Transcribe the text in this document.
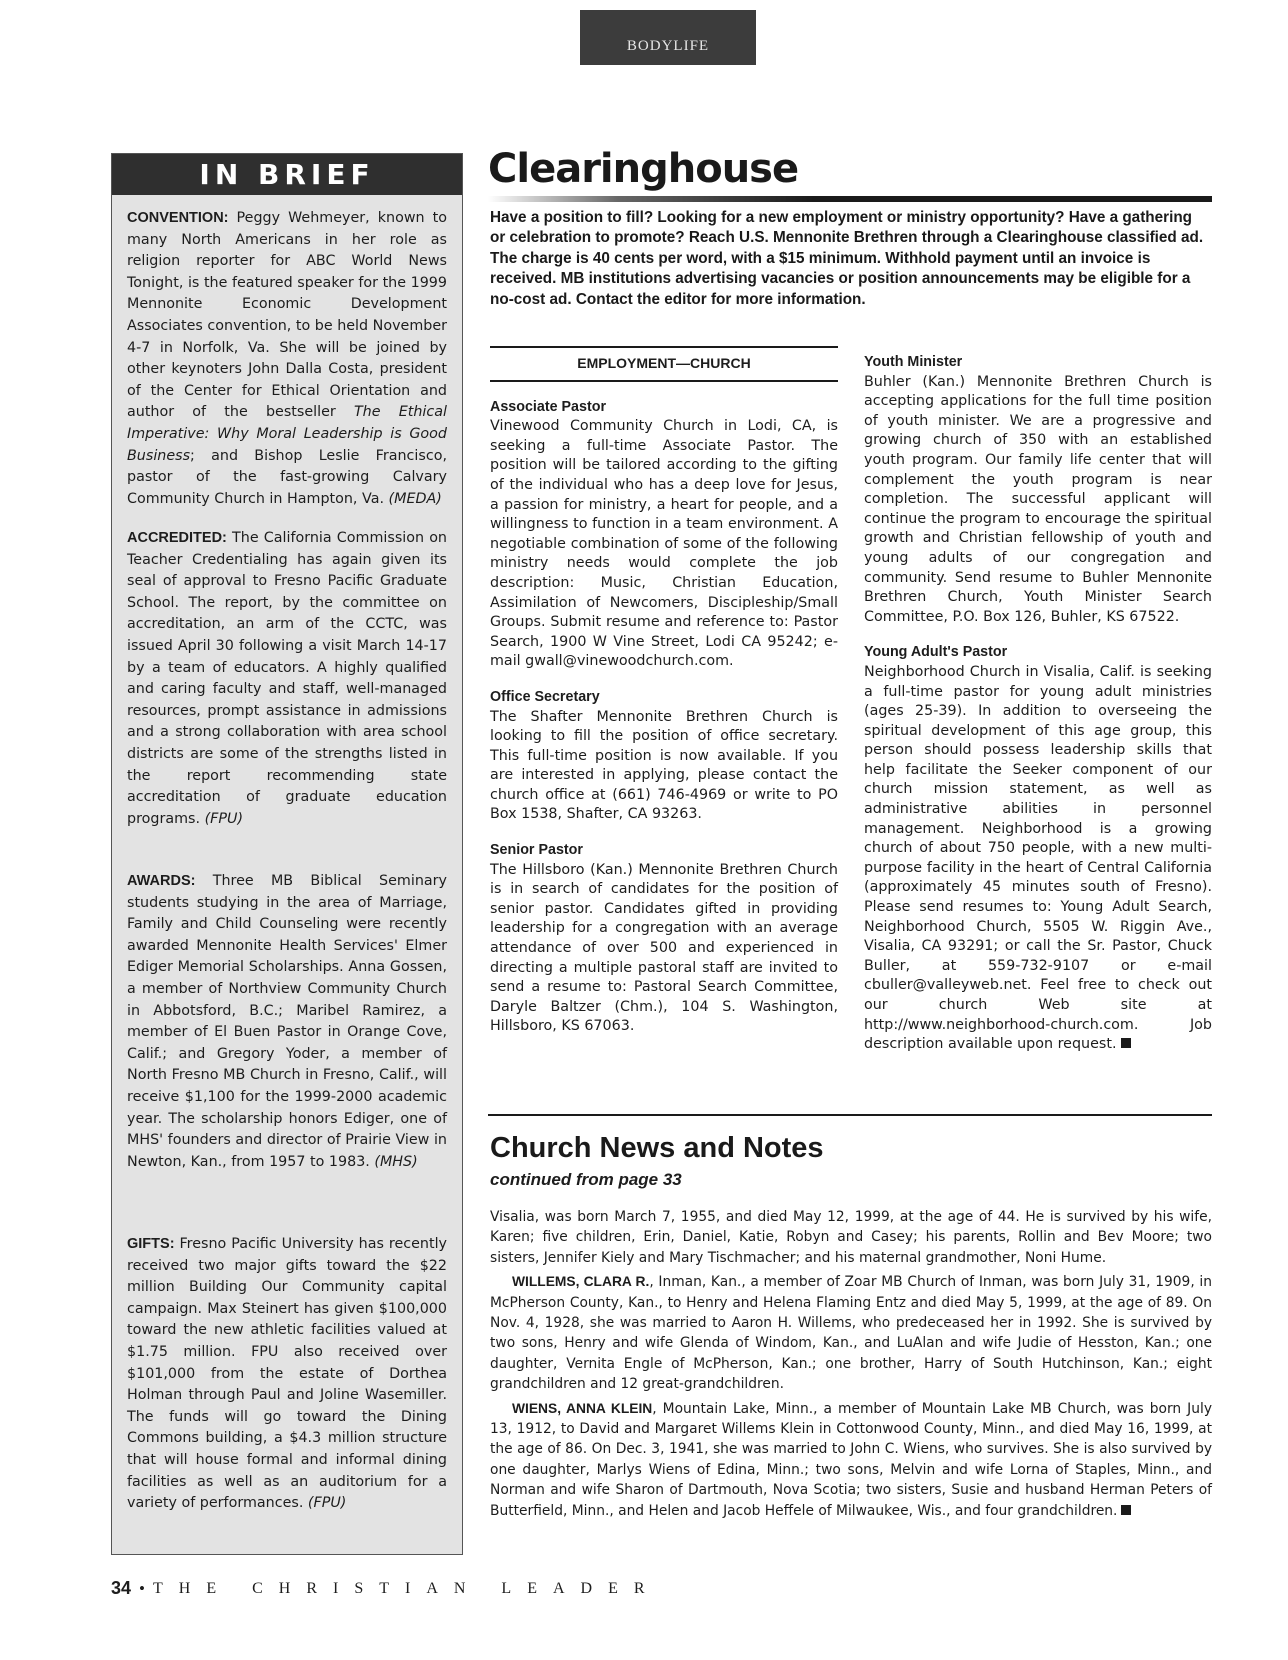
BODYLIFE
IN BRIEF
CONVENTION: Peggy Wehmeyer, known to many North Americans in her role as religion reporter for ABC World News Tonight, is the featured speaker for the 1999 Mennonite Economic Development Associates convention, to be held November 4-7 in Norfolk, Va. She will be joined by other keynoters John Dalla Costa, president of the Center for Ethical Orientation and author of the bestseller The Ethical Imperative: Why Moral Leadership is Good Business; and Bishop Leslie Francisco, pastor of the fast-growing Calvary Community Church in Hampton, Va. (MEDA)
ACCREDITED: The California Commission on Teacher Credentialing has again given its seal of approval to Fresno Pacific Graduate School. The report, by the committee on accreditation, an arm of the CCTC, was issued April 30 following a visit March 14-17 by a team of educators. A highly qualified and caring faculty and staff, well-managed resources, prompt assistance in admissions and a strong collaboration with area school districts are some of the strengths listed in the report recommending state accreditation of graduate education programs. (FPU)
AWARDS: Three MB Biblical Seminary students studying in the area of Marriage, Family and Child Counseling were recently awarded Mennonite Health Services' Elmer Ediger Memorial Scholarships. Anna Gossen, a member of Northview Community Church in Abbotsford, B.C.; Maribel Ramirez, a member of El Buen Pastor in Orange Cove, Calif.; and Gregory Yoder, a member of North Fresno MB Church in Fresno, Calif., will receive $1,100 for the 1999-2000 academic year. The scholarship honors Ediger, one of MHS' founders and director of Prairie View in Newton, Kan., from 1957 to 1983. (MHS)
GIFTS: Fresno Pacific University has recently received two major gifts toward the $22 million Building Our Community capital campaign. Max Steinert has given $100,000 toward the new athletic facilities valued at $1.75 million. FPU also received over $101,000 from the estate of Dorthea Holman through Paul and Joline Wasemiller. The funds will go toward the Dining Commons building, a $4.3 million structure that will house formal and informal dining facilities as well as an auditorium for a variety of performances. (FPU)
Clearinghouse
Have a position to fill? Looking for a new employment or ministry opportunity? Have a gathering or celebration to promote? Reach U.S. Mennonite Brethren through a Clearinghouse classified ad. The charge is 40 cents per word, with a $15 minimum. Withhold payment until an invoice is received. MB institutions advertising vacancies or position announcements may be eligible for a no-cost ad. Contact the editor for more information.
EMPLOYMENT—CHURCH
Associate Pastor
Vinewood Community Church in Lodi, CA, is seeking a full-time Associate Pastor. The position will be tailored according to the gifting of the individual who has a deep love for Jesus, a passion for ministry, a heart for people, and a willingness to function in a team environment. A negotiable combination of some of the following ministry needs would complete the job description: Music, Christian Education, Assimilation of Newcomers, Discipleship/Small Groups. Submit resume and reference to: Pastor Search, 1900 W Vine Street, Lodi CA 95242; e-mail gwall@vinewoodchurch.com.
Office Secretary
The Shafter Mennonite Brethren Church is looking to fill the position of office secretary. This full-time position is now available. If you are interested in applying, please contact the church office at (661) 746-4969 or write to PO Box 1538, Shafter, CA 93263.
Senior Pastor
The Hillsboro (Kan.) Mennonite Brethren Church is in search of candidates for the position of senior pastor. Candidates gifted in providing leadership for a congregation with an average attendance of over 500 and experienced in directing a multiple pastoral staff are invited to send a resume to: Pastoral Search Committee, Daryle Baltzer (Chm.), 104 S. Washington, Hillsboro, KS 67063.
Youth Minister
Buhler (Kan.) Mennonite Brethren Church is accepting applications for the full time position of youth minister. We are a progressive and growing church of 350 with an established youth program. Our family life center that will complement the youth program is near completion. The successful applicant will continue the program to encourage the spiritual growth and Christian fellowship of youth and young adults of our congregation and community. Send resume to Buhler Mennonite Brethren Church, Youth Minister Search Committee, P.O. Box 126, Buhler, KS 67522.
Young Adult's Pastor
Neighborhood Church in Visalia, Calif. is seeking a full-time pastor for young adult ministries (ages 25-39). In addition to overseeing the spiritual development of this age group, this person should possess leadership skills that help facilitate the Seeker component of our church mission statement, as well as administrative abilities in personnel management. Neighborhood is a growing church of about 750 people, with a new multi-purpose facility in the heart of Central California (approximately 45 minutes south of Fresno). Please send resumes to: Young Adult Search, Neighborhood Church, 5505 W. Riggin Ave., Visalia, CA 93291; or call the Sr. Pastor, Chuck Buller, at 559-732-9107 or e-mail cbuller@valleyweb.net. Feel free to check out our church Web site at http://www.neighborhood-church.com. Job description available upon request.
Church News and Notes
continued from page 33

Visalia, was born March 7, 1955, and died May 12, 1999, at the age of 44. He is survived by his wife, Karen; five children, Erin, Daniel, Katie, Robyn and Casey; his parents, Rollin and Bev Moore; two sisters, Jennifer Kiely and Mary Tischmacher; and his maternal grandmother, Noni Hume.

WILLEMS, CLARA R., Inman, Kan., a member of Zoar MB Church of Inman, was born July 31, 1909, in McPherson County, Kan., to Henry and Helena Flaming Entz and died May 5, 1999, at the age of 89. On Nov. 4, 1928, she was married to Aaron H. Willems, who predeceased her in 1992. She is survived by two sons, Henry and wife Glenda of Windom, Kan., and LuAlan and wife Judie of Hesston, Kan.; one daughter, Vernita Engle of McPherson, Kan.; one brother, Harry of South Hutchinson, Kan.; eight grandchildren and 12 great-grandchildren.

WIENS, ANNA KLEIN, Mountain Lake, Minn., a member of Mountain Lake MB Church, was born July 13, 1912, to David and Margaret Willems Klein in Cottonwood County, Minn., and died May 16, 1999, at the age of 86. On Dec. 3, 1941, she was married to John C. Wiens, who survives. She is also survived by one daughter, Marlys Wiens of Edina, Minn.; two sons, Melvin and wife Lorna of Staples, Minn., and Norman and wife Sharon of Dartmouth, Nova Scotia; two sisters, Susie and husband Herman Peters of Butterfield, Minn., and Helen and Jacob Heffele of Milwaukee, Wis., and four grandchildren.

34 • THE CHRISTIAN LEADER
